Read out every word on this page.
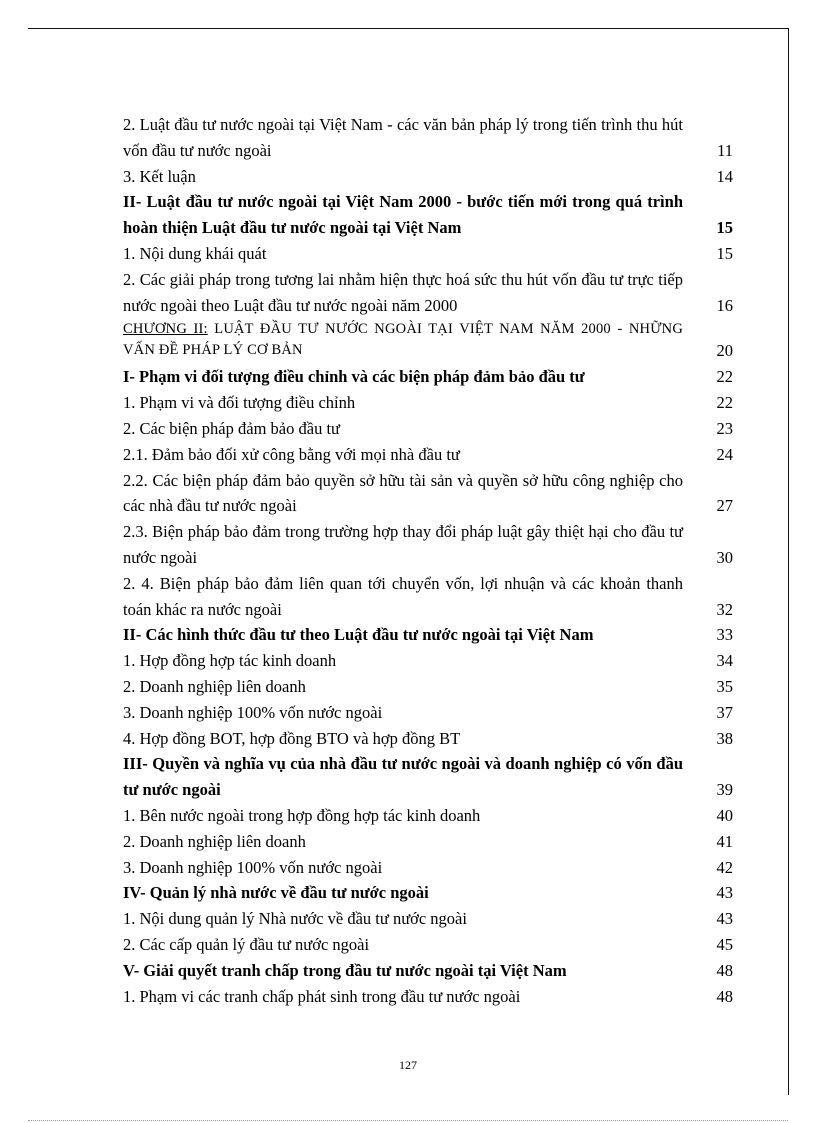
2. Luật đầu tư nước ngoài tại Việt Nam - các văn bản pháp lý trong tiến trình thu hút vốn đầu tư nước ngoài	11
3. Kết luận	14
II- Luật đầu tư nước ngoài tại Việt Nam 2000 - bước tiến mới trong quá trình hoàn thiện Luật đầu tư nước ngoài tại Việt Nam	15
1. Nội dung khái quát	15
2. Các giải pháp trong tương lai nhằm hiện thực hoá sức thu hút vốn đầu tư trực tiếp nước ngoài theo Luật đầu tư nước ngoài năm 2000	16
CHƯƠNG II: LUẬT ĐẦU TƯ NƯỚC NGOÀI TẠI VIỆT NAM NĂM 2000 - NHỮNG VẤN ĐỀ PHÁP LÝ CƠ BẢN	20
I- Phạm vi đối tượng điều chỉnh và các biện pháp đảm bảo đầu tư	22
1. Phạm vi và đối tượng điều chỉnh	22
2. Các biện pháp đảm bảo đầu tư	23
2.1. Đảm bảo đối xử công bằng với mọi nhà đầu tư	24
2.2. Các biện pháp đảm bảo quyền sở hữu tài sản và quyền sở hữu công nghiệp cho các nhà đầu tư nước ngoài	27
2.3. Biện pháp bảo đảm trong trường hợp thay đổi pháp luật gây thiệt hại cho đầu tư nước ngoài	30
2. 4. Biện pháp bảo đảm liên quan tới chuyển vốn, lợi nhuận và các khoản thanh toán khác ra nước ngoài	32
II- Các hình thức đầu tư theo Luật đầu tư nước ngoài tại Việt Nam	33
1. Hợp đồng hợp tác kinh doanh	34
2. Doanh nghiệp liên doanh	35
3. Doanh nghiệp 100% vốn nước ngoài	37
4. Hợp đồng BOT, hợp đồng BTO và hợp đồng BT	38
III- Quyền và nghĩa vụ của nhà đầu tư nước ngoài và doanh nghiệp có vốn đầu tư nước ngoài	39
1. Bên nước ngoài trong hợp đồng hợp tác kinh doanh	40
2. Doanh nghiệp liên doanh	41
3. Doanh nghiệp 100% vốn nước ngoài	42
IV- Quản lý nhà nước về đầu tư nước ngoài	43
1. Nội dung quản lý Nhà nước về đầu tư nước ngoài	43
2. Các cấp quản lý đầu tư nước ngoài	45
V- Giải quyết tranh chấp trong đầu tư nước ngoài tại Việt Nam	48
1. Phạm vi các tranh chấp phát sinh trong đầu tư nước ngoài	48
127
